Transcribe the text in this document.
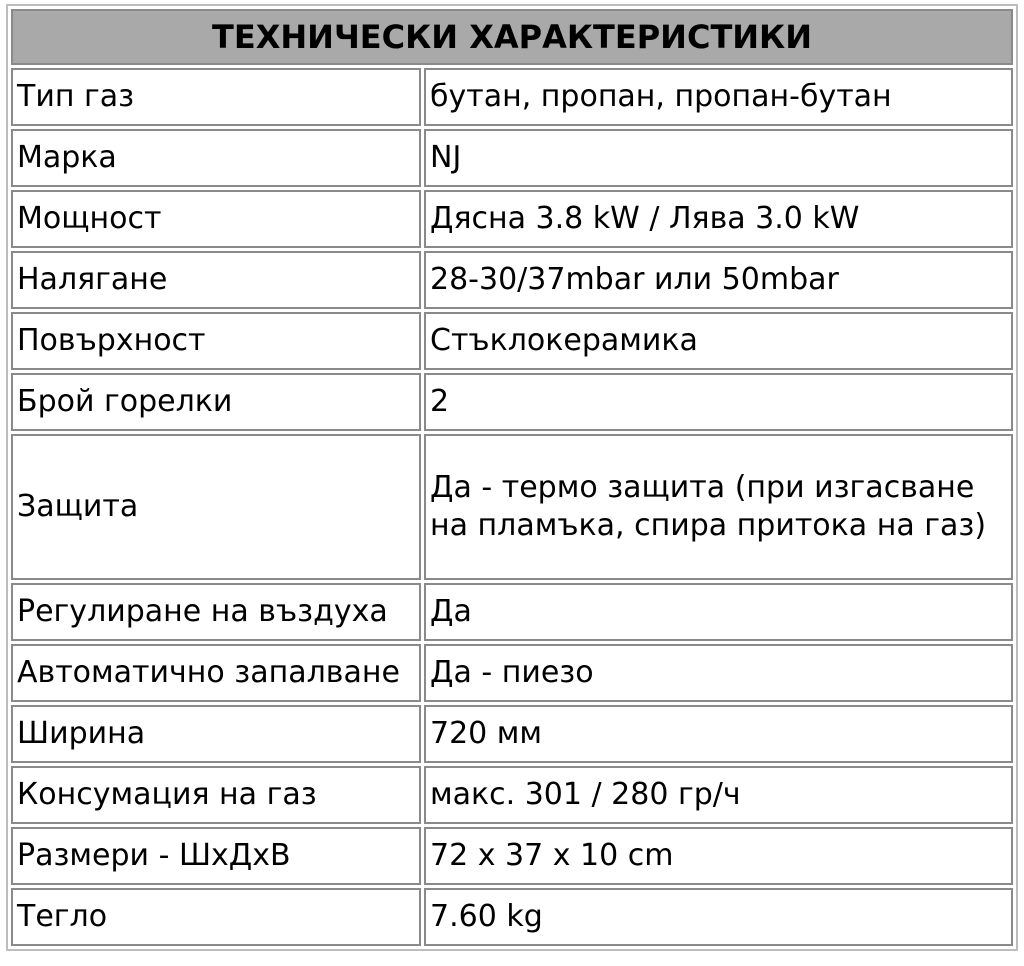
ТЕХНИЧЕСКИ ХАРАКТЕРИСТИКИ	
Тип газ	бутан, пропан, пропан-бутан
Марка	NJ
Мощност	Дясна 3.8 kW / Лява 3.0 kW
Налягане	28-30/37mbar или 50mbar
Повърхност	Стъклокерамика
Брой горелки	2
Защита	Да - термо защита (при изгасване на пламъка, спира притока на газ)
Регулиране на въздуха	Да
Автоматично запалване	Да - пиезо
Ширина	720 мм
Консумация на газ	макс. 301 / 280 гр/ч
Размери - ШxДxВ	72 x 37 x 10 cm
Тегло	7.60 kg
